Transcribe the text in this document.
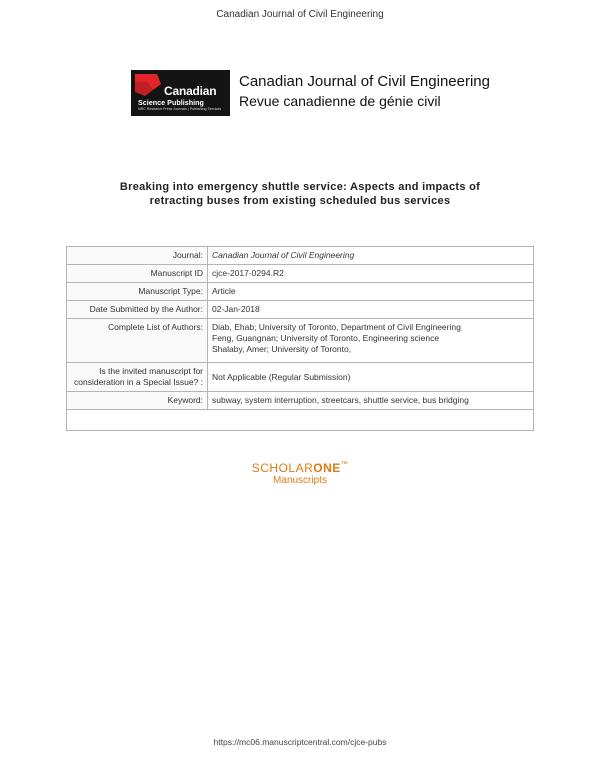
Canadian Journal of Civil Engineering
Canadian
Science Publishing
NRC Research Press Journals | Publishing Services
Canadian Journal of Civil Engineering
Revue canadienne de génie civil
Breaking into emergency shuttle service: Aspects and impacts of retracting buses from existing scheduled bus services
Journal:	Canadian Journal of Civil Engineering
Manuscript ID	cjce-2017-0294.R2
Manuscript Type:	Article
Date Submitted by the Author:	02-Jan-2018
Complete List of Authors:	Diab, Ehab; University of Toronto, Department of Civil Engineering
Feng, Guangnan; University of Toronto, Engineering science
Shalaby, Amer; University of Toronto,

Is the invited manuscript for consideration in a Special Issue? :	Not Applicable (Regular Submission)
Keyword:	subway, system interruption, streetcars, shuttle service, bus bridging

SCHOLARONE™
Manuscripts
https://mc06.manuscriptcentral.com/cjce-pubs
